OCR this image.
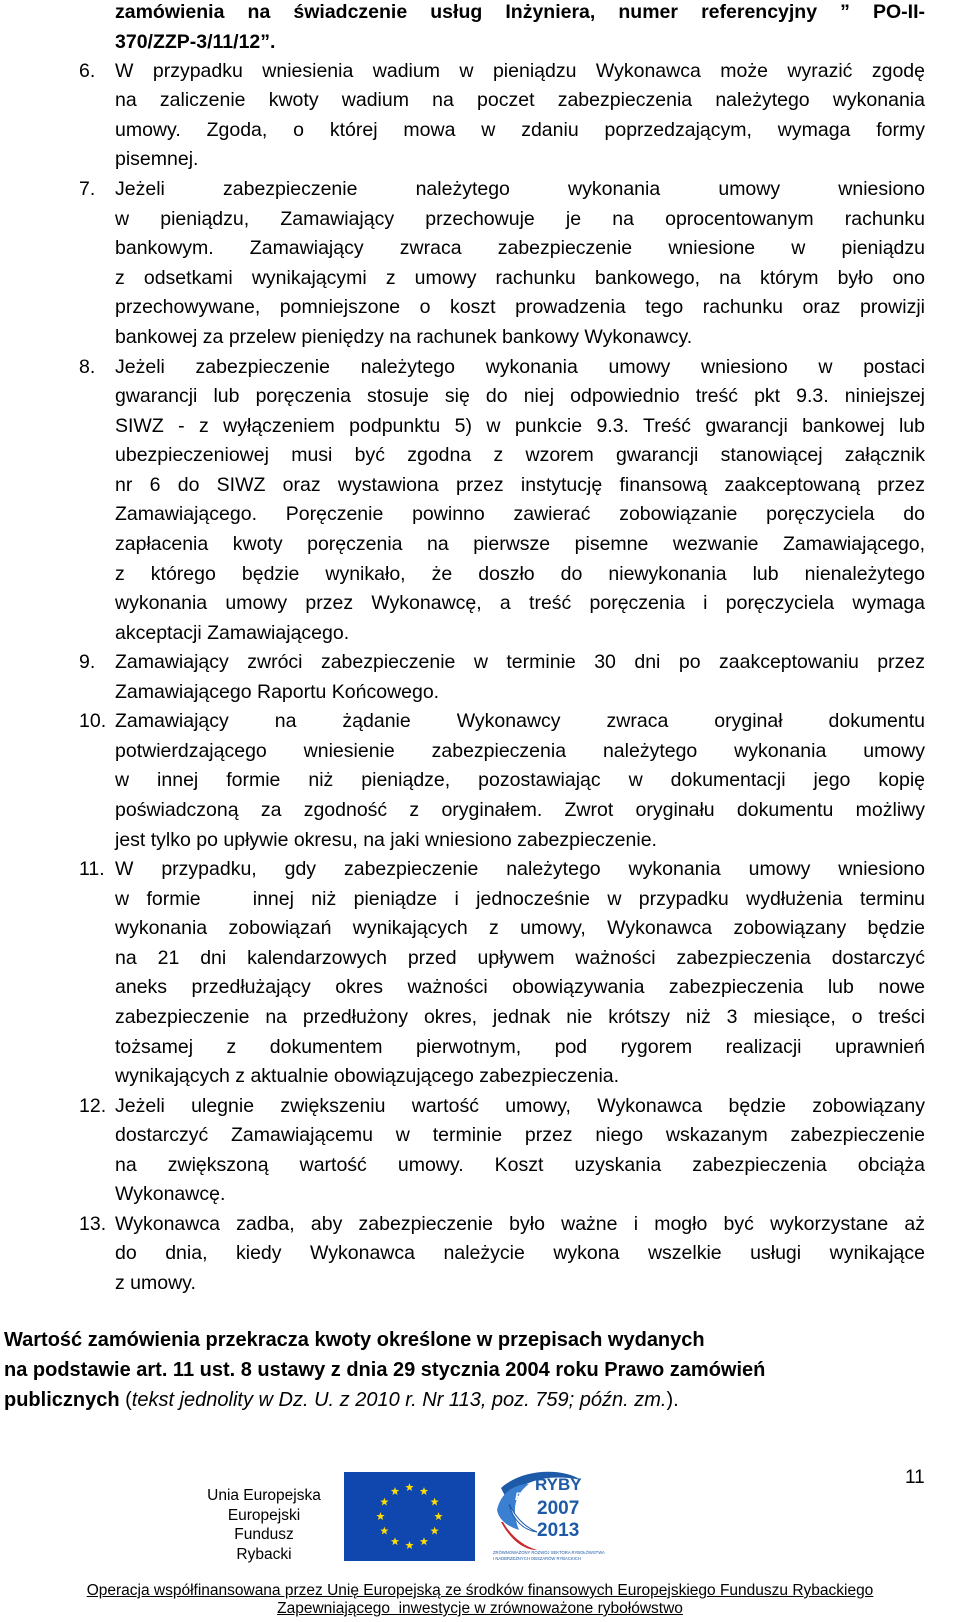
zamówienia na świadczenie usług Inżyniera, numer referencyjny ” PO-II-
370/ZZP-3/11/12”.
6. W przypadku wniesienia wadium w pieniądzu Wykonawca może wyrazić zgodę
na zaliczenie kwoty wadium na poczet zabezpieczenia należytego wykonania
umowy. Zgoda, o której mowa w zdaniu poprzedzającym, wymaga formy
pisemnej.
7. Jeżeli zabezpieczenie należytego wykonania umowy wniesiono
w pieniądzu, Zamawiający przechowuje je na oprocentowanym rachunku
bankowym. Zamawiający zwraca zabezpieczenie wniesione w pieniądzu
z odsetkami wynikającymi z umowy rachunku bankowego, na którym było ono
przechowywane, pomniejszone o koszt prowadzenia tego rachunku oraz prowizji
bankowej za przelew pieniędzy na rachunek bankowy Wykonawcy.
8. Jeżeli zabezpieczenie należytego wykonania umowy wniesiono w postaci
gwarancji lub poręczenia stosuje się do niej odpowiednio treść pkt 9.3. niniejszej
SIWZ - z wyłączeniem podpunktu 5) w punkcie 9.3. Treść gwarancji bankowej lub
ubezpieczeniowej musi być zgodna z wzorem gwarancji stanowiącej załącznik
nr 6 do SIWZ oraz wystawiona przez instytucję finansową zaakceptowaną przez
Zamawiającego. Poręczenie powinno zawierać zobowiązanie poręczyciela do
zapłacenia kwoty poręczenia na pierwsze pisemne wezwanie Zamawiającego,
z którego będzie wynikało, że doszło do niewykonania lub nienależytego
wykonania umowy przez Wykonawcę, a treść poręczenia i poręczyciela wymaga
akceptacji Zamawiającego.
9. Zamawiający zwróci zabezpieczenie w terminie 30 dni po zaakceptowaniu przez
Zamawiającego Raportu Końcowego.
10. Zamawiający na żądanie Wykonawcy zwraca oryginał dokumentu
potwierdzającego wniesienie zabezpieczenia należytego wykonania umowy
w innej formie niż pieniądze, pozostawiając w dokumentacji jego kopię
poświadczoną za zgodność z oryginałem. Zwrot oryginału dokumentu możliwy
jest tylko po upływie okresu, na jaki wniesiono zabezpieczenie.
11. W przypadku, gdy zabezpieczenie należytego wykonania umowy wniesiono
w formie   innej niż pieniądze i jednocześnie w przypadku wydłużenia terminu
wykonania zobowiązań wynikających z umowy, Wykonawca zobowiązany będzie
na 21 dni kalendarzowych przed upływem ważności zabezpieczenia dostarczyć
aneks przedłużający okres ważności obowiązywania zabezpieczenia lub nowe
zabezpieczenie na przedłużony okres, jednak nie krótszy niż 3 miesiące, o treści
tożsamej z dokumentem pierwotnym, pod rygorem realizacji uprawnień
wynikających z aktualnie obowiązującego zabezpieczenia.
12. Jeżeli ulegnie zwiększeniu wartość umowy, Wykonawca będzie zobowiązany
dostarczyć Zamawiającemu w terminie przez niego wskazanym zabezpieczenie
na zwiększoną wartość umowy. Koszt uzyskania zabezpieczenia obciąża
Wykonawcę.
13. Wykonawca zadba, aby zabezpieczenie było ważne i mogło być wykorzystane aż
do dnia, kiedy Wykonawca należycie wykona wszelkie usługi wynikające
z umowy.
Wartość zamówienia przekracza kwoty określone w przepisach wydanych
na podstawie art. 11 ust. 8 ustawy z dnia 29 stycznia 2004 roku Prawo zamówień
publicznych (tekst jednolity w Dz. U. z 2010 r. Nr 113, poz. 759; późn. zm.).
11
Unia Europejska
Europejski
Fundusz
Rybacki
PO
RYBY
2007
2013
ZRÓWNOWAŻONY ROZWÓJ SEKTORA RYBOŁÓWSTWA
I NADBRZEŻNYCH OBSZARÓW RYBACKICH
Operacja współfinansowana przez Unię Europejską ze środków finansowych Europejskiego Funduszu Rybackiego
Zapewniającego  inwestycje w zrównoważone rybołówstwo
